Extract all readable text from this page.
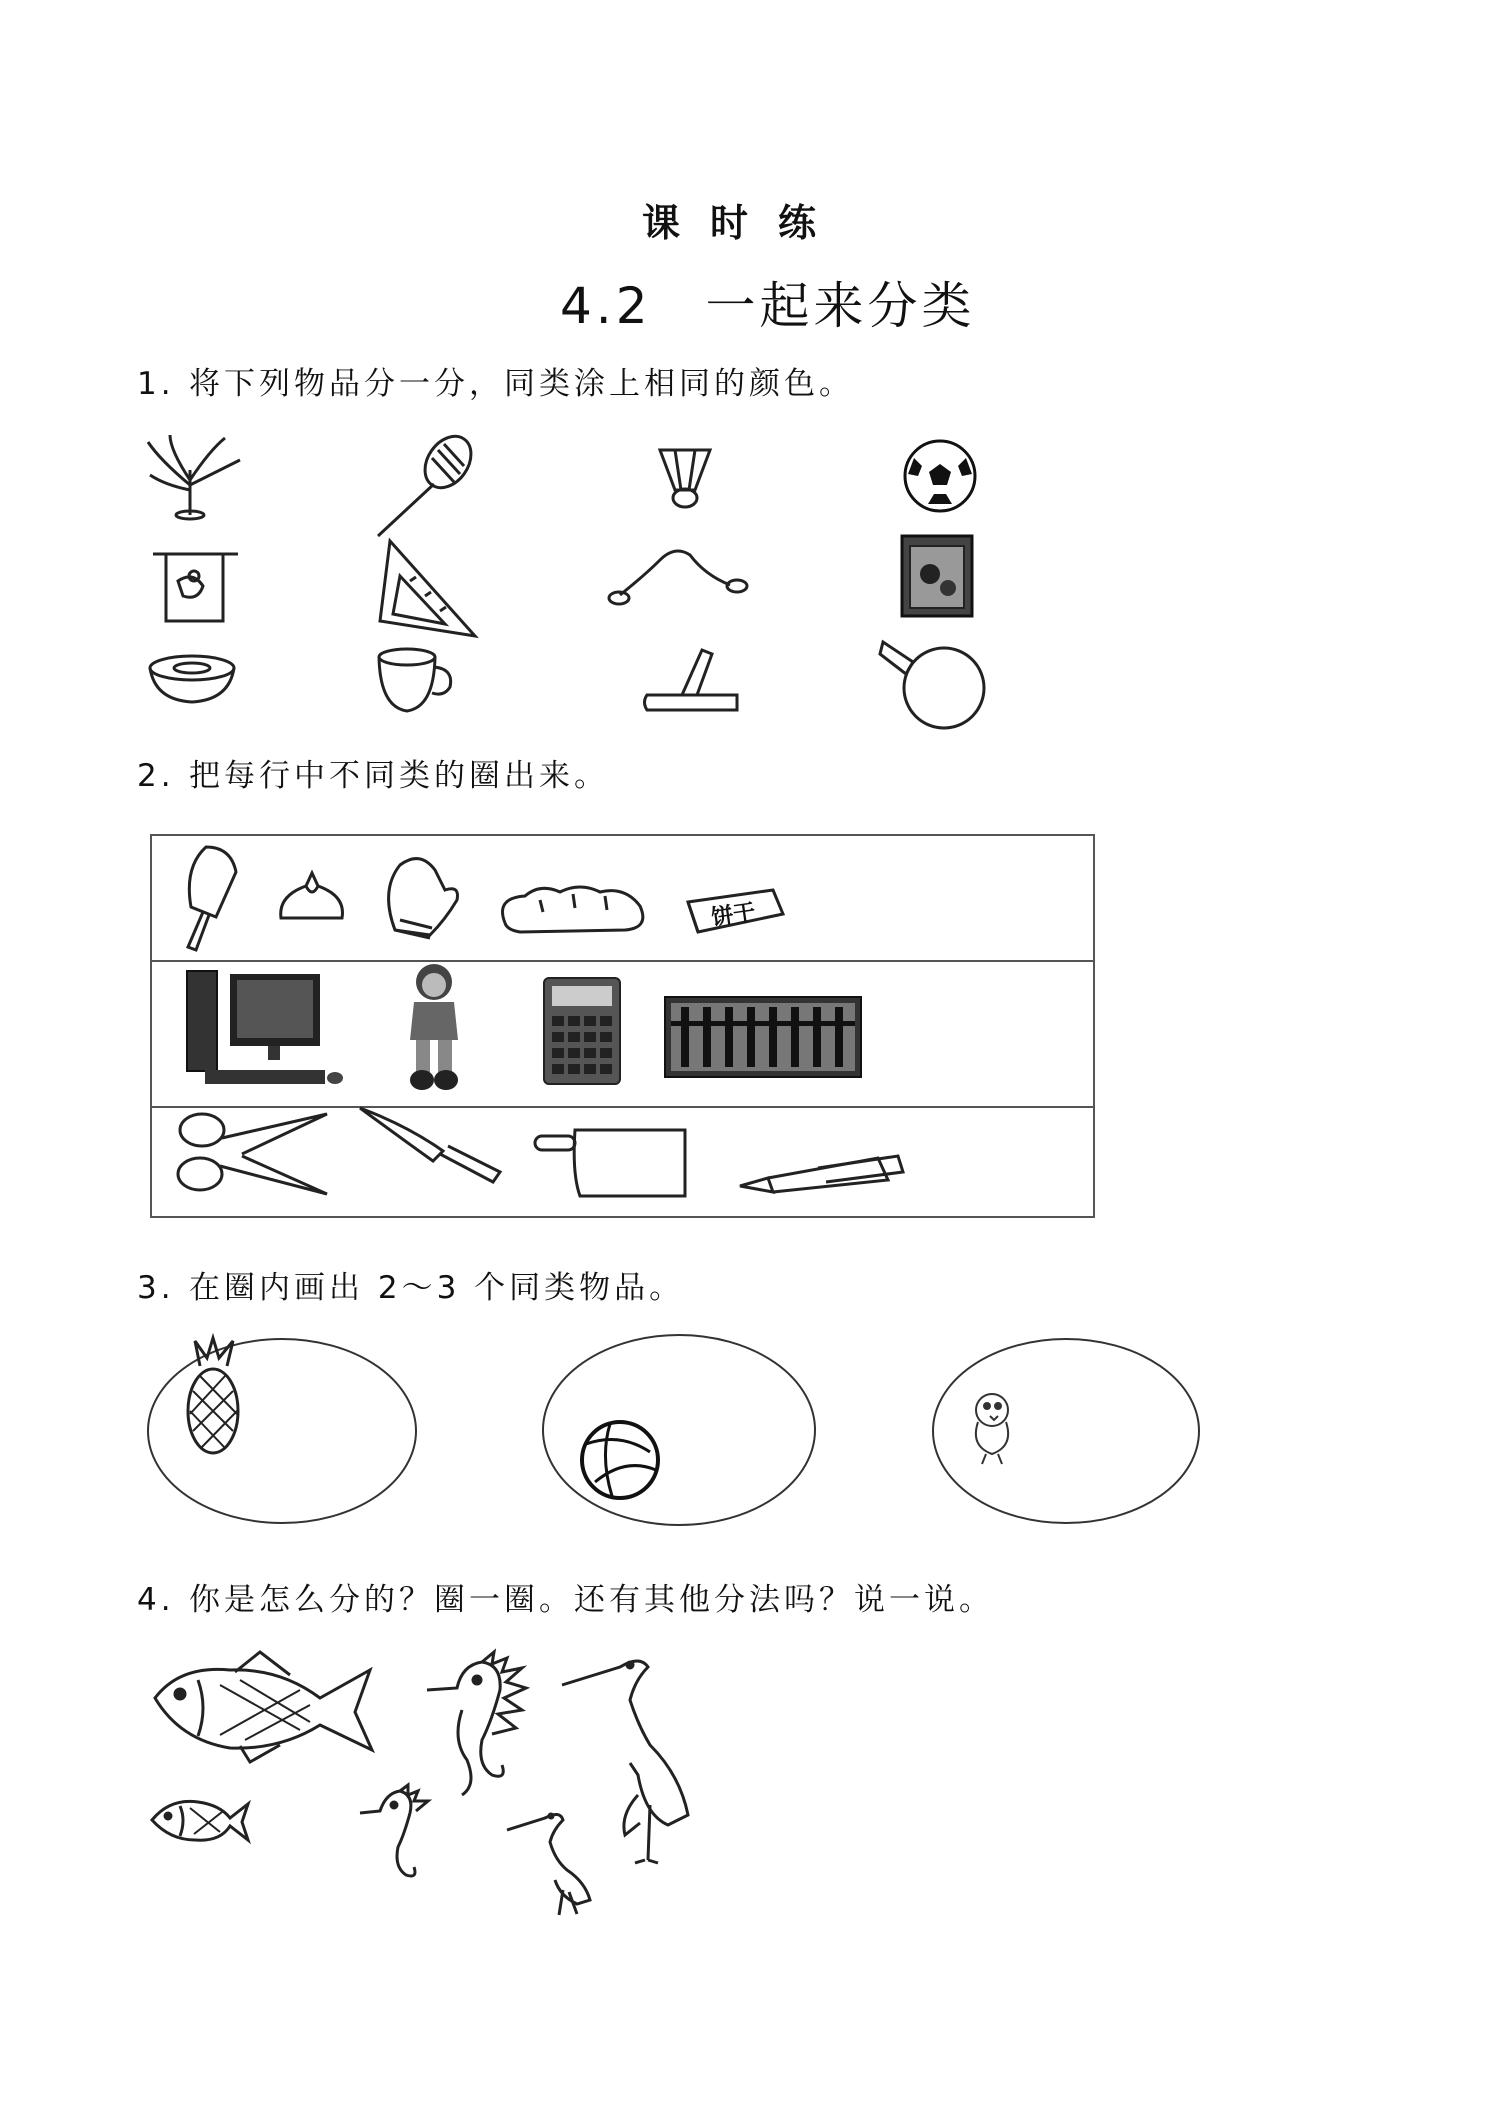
课时练
4.2　一起来分类
1. 将下列物品分一分，同类涂上相同的颜色。
2. 把每行中不同类的圈出来。
饼干
3. 在圈内画出 2～3 个同类物品。
4. 你是怎么分的？圈一圈。还有其他分法吗？说一说。
